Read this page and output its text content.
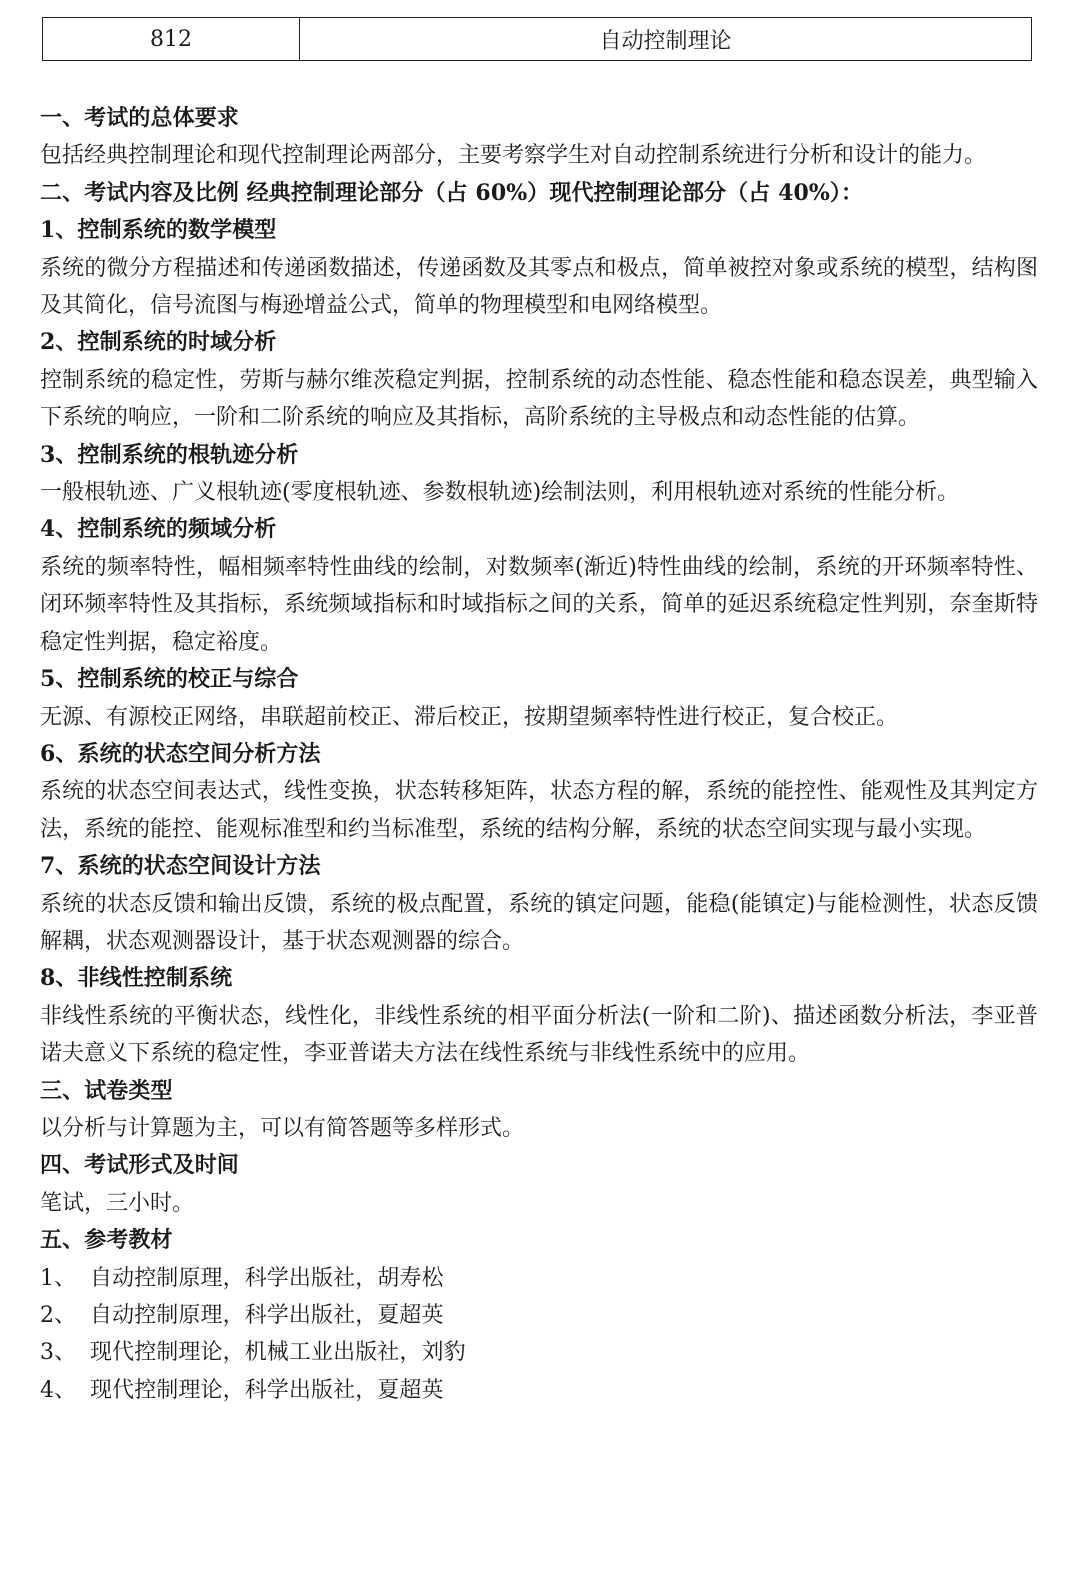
812	自动控制理论

一、考试的总体要求

包括经典控制理论和现代控制理论两部分，主要考察学生对自动控制系统进行分析和设计的能力。

二、考试内容及比例 经典控制理论部分（占 60%）现代控制理论部分（占 40%）：

1、控制系统的数学模型

系统的微分方程描述和传递函数描述，传递函数及其零点和极点，简单被控对象或系统的模型，结构图及其简化，信号流图与梅逊增益公式，简单的物理模型和电网络模型。

2、控制系统的时域分析

控制系统的稳定性，劳斯与赫尔维茨稳定判据，控制系统的动态性能、稳态性能和稳态误差，典型输入下系统的响应，一阶和二阶系统的响应及其指标，高阶系统的主导极点和动态性能的估算。

3、控制系统的根轨迹分析

一般根轨迹、广义根轨迹(零度根轨迹、参数根轨迹)绘制法则，利用根轨迹对系统的性能分析。

4、控制系统的频域分析

系统的频率特性，幅相频率特性曲线的绘制，对数频率(渐近)特性曲线的绘制，系统的开环频率特性、闭环频率特性及其指标，系统频域指标和时域指标之间的关系，简单的延迟系统稳定性判别，奈奎斯特稳定性判据，稳定裕度。

5、控制系统的校正与综合

无源、有源校正网络，串联超前校正、滞后校正，按期望频率特性进行校正，复合校正。

6、系统的状态空间分析方法

系统的状态空间表达式，线性变换，状态转移矩阵，状态方程的解，系统的能控性、能观性及其判定方法，系统的能控、能观标准型和约当标准型，系统的结构分解，系统的状态空间实现与最小实现。

7、系统的状态空间设计方法

系统的状态反馈和输出反馈，系统的极点配置，系统的镇定问题，能稳(能镇定)与能检测性，状态反馈解耦，状态观测器设计，基于状态观测器的综合。

8、非线性控制系统

非线性系统的平衡状态，线性化，非线性系统的相平面分析法(一阶和二阶)、描述函数分析法，李亚普诺夫意义下系统的稳定性，李亚普诺夫方法在线性系统与非线性系统中的应用。

三、试卷类型

以分析与计算题为主，可以有简答题等多样形式。

四、考试形式及时间

笔试，三小时。

五、参考教材

1、 自动控制原理，科学出版社，胡寿松
2、 自动控制原理，科学出版社，夏超英
3、 现代控制理论，机械工业出版社，刘豹
4、 现代控制理论，科学出版社，夏超英
